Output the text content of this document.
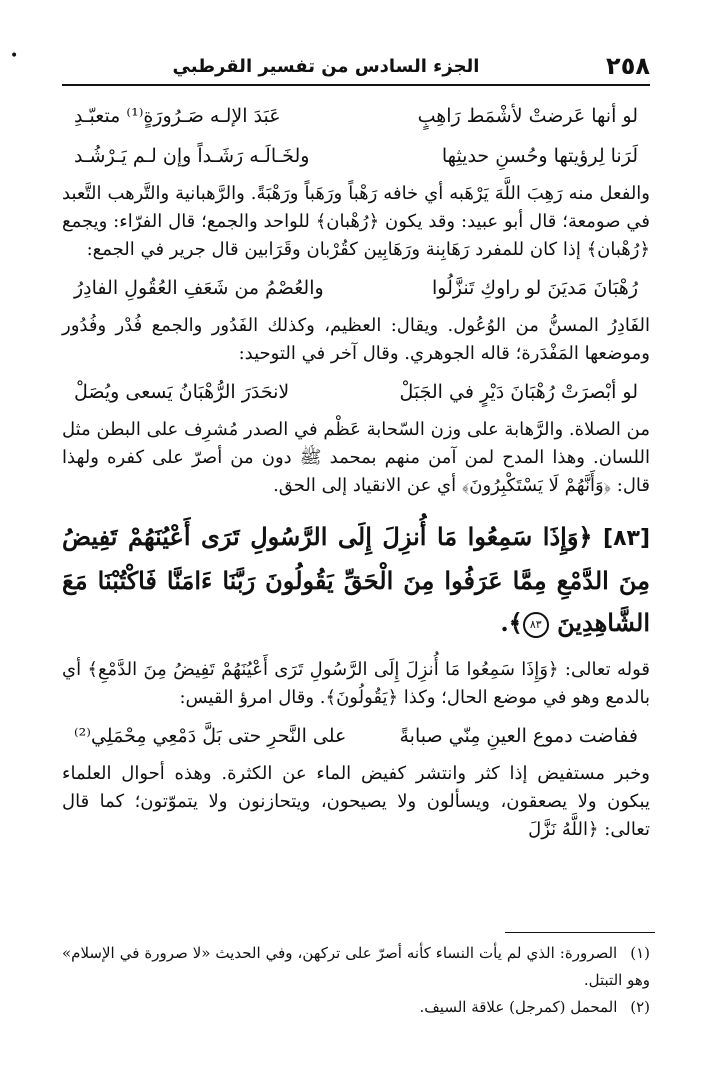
•	٢٥٨
الجزء السادس من تفسير القرطبي
لو أنها عَرضتْ لأشْمَط رَاهِبٍ
عَبَدَ الإلـه صَـرُورَةٍ⁽¹⁾ متعبّـدِ
لَرَنا لِرؤيتها وحُسنِ حديثِها
ولخَـالَـه رَشَـداً وإن لـم يَـرْشُـد

والفعل منه رَهِبَ اللَّهَ يَرْهَبه أي خافه رَهْباً ورَهَباً ورَهْبَةً. والرَّهبانية والتَّرهب التَّعبد في صومعة؛ قال أبو عبيد: وقد يكون ﴿رُهْبان﴾ للواحد والجمع؛ قال الفرّاء: ويجمع ﴿رُهْبان﴾ إذا كان للمفرد رَهَابِنة ورَهَابِين كقُرْبان وقَرَابين قال جرير في الجمع:

رُهْبَانَ مَديَنَ لو راوكِ تَنزَّلُوا
والعُصْمُ من شَعَفِ العُقُولِ الفادِرُ

الفَادِرُ المسنُّ من الوُعُول. ويقال: العظيم، وكذلك الفَدُور والجمع فُدْر وفُدُور وموضعها المَفْدَرة؛ قاله الجوهري. وقال آخر في التوحيد:

لو أبْصرَتْ رُهْبَانَ دَيْرٍ في الجَبَلْ
لانحَدَرَ الرُّهْبَانُ يَسعى ويُصَلْ

من الصلاة. والرَّهابة على وزن السّحابة عَظْم في الصدر مُشرِف على البطن مثل اللسان. وهذا المدح لمن آمن منهم بمحمد ﷺ دون من أصرّ على كفره ولهذا قال: ﴿وَأَنَّهُمْ لَا يَسْتَكْبِرُونَ﴾ أي عن الانقياد إلى الحق.

[٨٣] ﴿وَإِذَا سَمِعُوا مَا أُنزِلَ إِلَى الرَّسُولِ تَرَى أَعْيُنَهُمْ تَفِيضُ مِنَ الدَّمْعِ مِمَّا عَرَفُوا مِنَ الْحَقِّ يَقُولُونَ رَبَّنَا ءَامَنَّا فَاكْتُبْنَا مَعَ الشَّاهِدِينَ ٨٣﴾.

قوله تعالى: ﴿وَإِذَا سَمِعُوا مَا أُنزِلَ إِلَى الرَّسُولِ تَرَى أَعْيُنَهُمْ تَفِيضُ مِنَ الدَّمْعِ﴾ أي بالدمع وهو في موضع الحال؛ وكذا ﴿يَقُولُونَ﴾. وقال امرؤ القيس:

ففاضت دموع العينِ مِنّي صبابةً
على النَّحرِ حتى بَلَّ دَمْعِي مِحْمَلِي⁽²⁾

وخبر مستفيض إذا كثر وانتشر كفيض الماء عن الكثرة. وهذه أحوال العلماء يبكون ولا يصعقون، ويسألون ولا يصيحون، ويتحازنون ولا يتموّتون؛ كما قال تعالى: ﴿اللَّهُ نَزَّلَ

(١) الصرورة: الذي لم يأت النساء كأنه أصرّ على تركهن، وفي الحديث «لا صرورة في الإسلام» وهو التبتل.

(٢) المحمل (كمرجل) علاقة السيف.
